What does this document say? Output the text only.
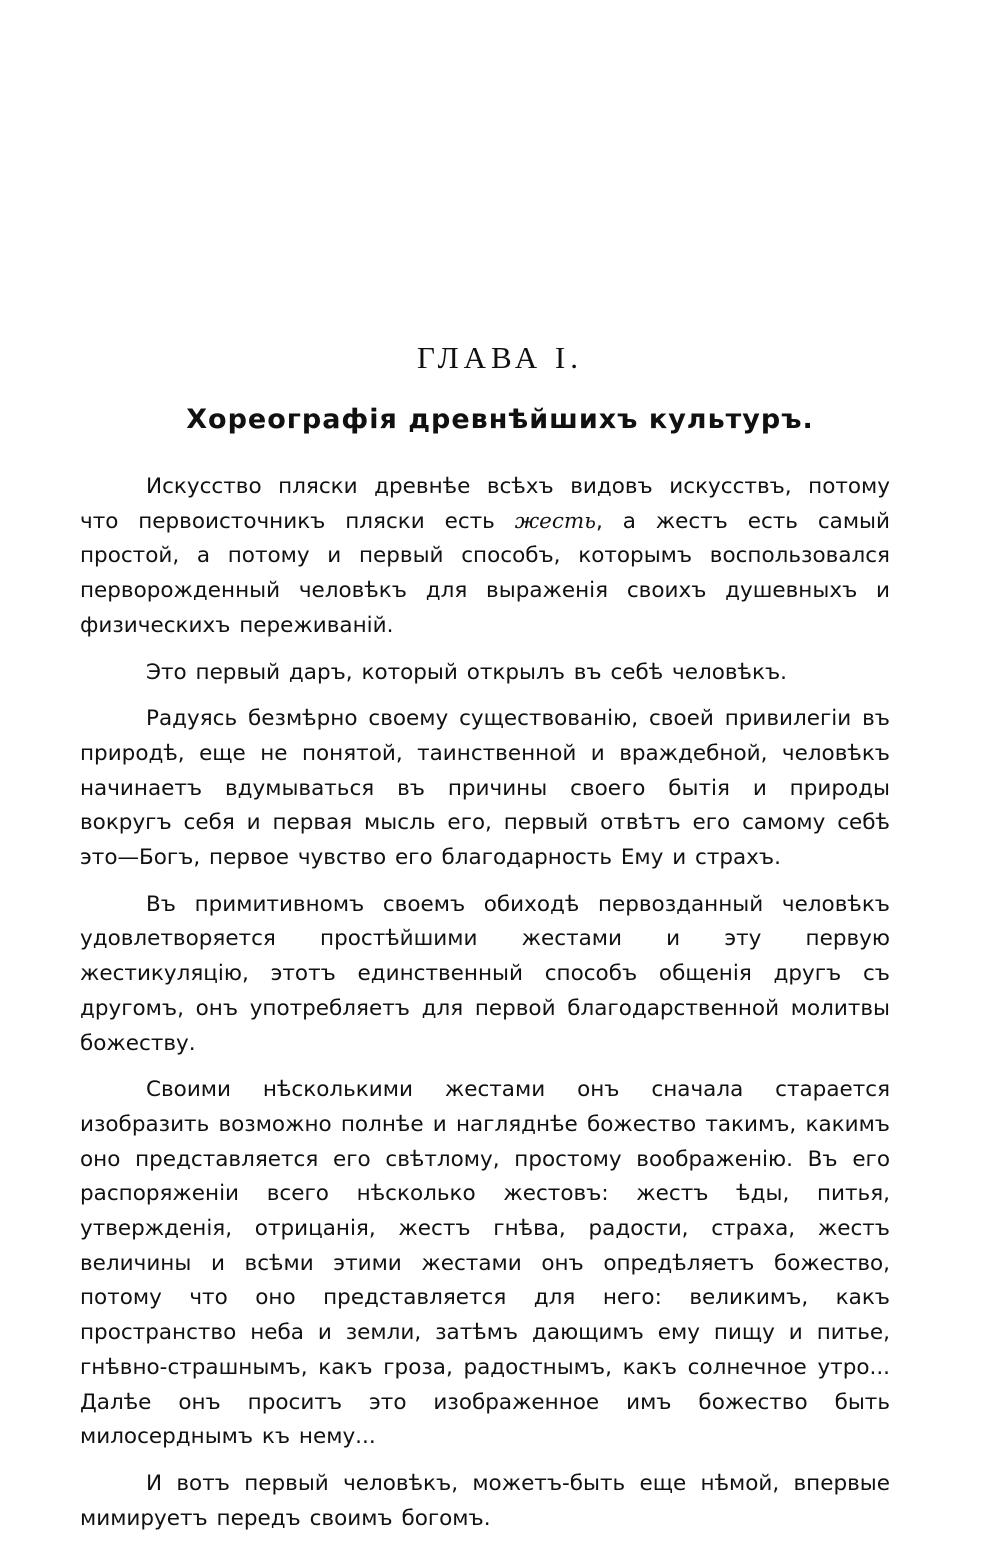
ГЛАВА I.
Хореографія древнѣйшихъ культуръ.

Искусство пляски древнѣе всѣхъ видовъ искусствъ, потому что первоисточникъ пляски есть жесть, а жестъ есть самый простой, а потому и первый способъ, которымъ воспользовался перворожденный человѣкъ для выраженія своихъ душевныхъ и физическихъ переживаній.

Это первый даръ, который открылъ въ себѣ человѣкъ.

Радуясь безмѣрно своему существованію, своей привилегіи въ природѣ, еще не понятой, таинственной и враждебной, человѣкъ начинаетъ вдумываться въ причины своего бытія и природы вокругъ себя и первая мысль его, первый отвѣтъ его самому себѣ это—Богъ, первое чувство его благодарность Ему и страхъ.

Въ примитивномъ своемъ обиходѣ первозданный человѣкъ удовлетворяется простѣйшими жестами и эту первую жестикуляцію, этотъ единственный способъ общенія другъ съ другомъ, онъ употребляетъ для первой благодарственной молитвы божеству.

Своими нѣсколькими жестами онъ сначала старается изобразить возможно полнѣе и нагляднѣе божество такимъ, какимъ оно представляется его свѣтлому, простому воображенію. Въ его распоряженіи всего нѣсколько жестовъ: жестъ ѣды, питья, утвержденія, отрицанія, жестъ гнѣва, радости, страха, жестъ величины и всѣми этими жестами онъ опредѣляетъ божество, потому что оно представляется для него: великимъ, какъ пространство неба и земли, затѣмъ дающимъ ему пищу и питье, гнѣвно-страшнымъ, какъ гроза, радостнымъ, какъ солнечное утро... Далѣе онъ проситъ это изображенное имъ божество быть милосерднымъ къ нему...

И вотъ первый человѣкъ, можетъ-быть еще нѣмой, впервые мимируетъ передъ своимъ богомъ.
